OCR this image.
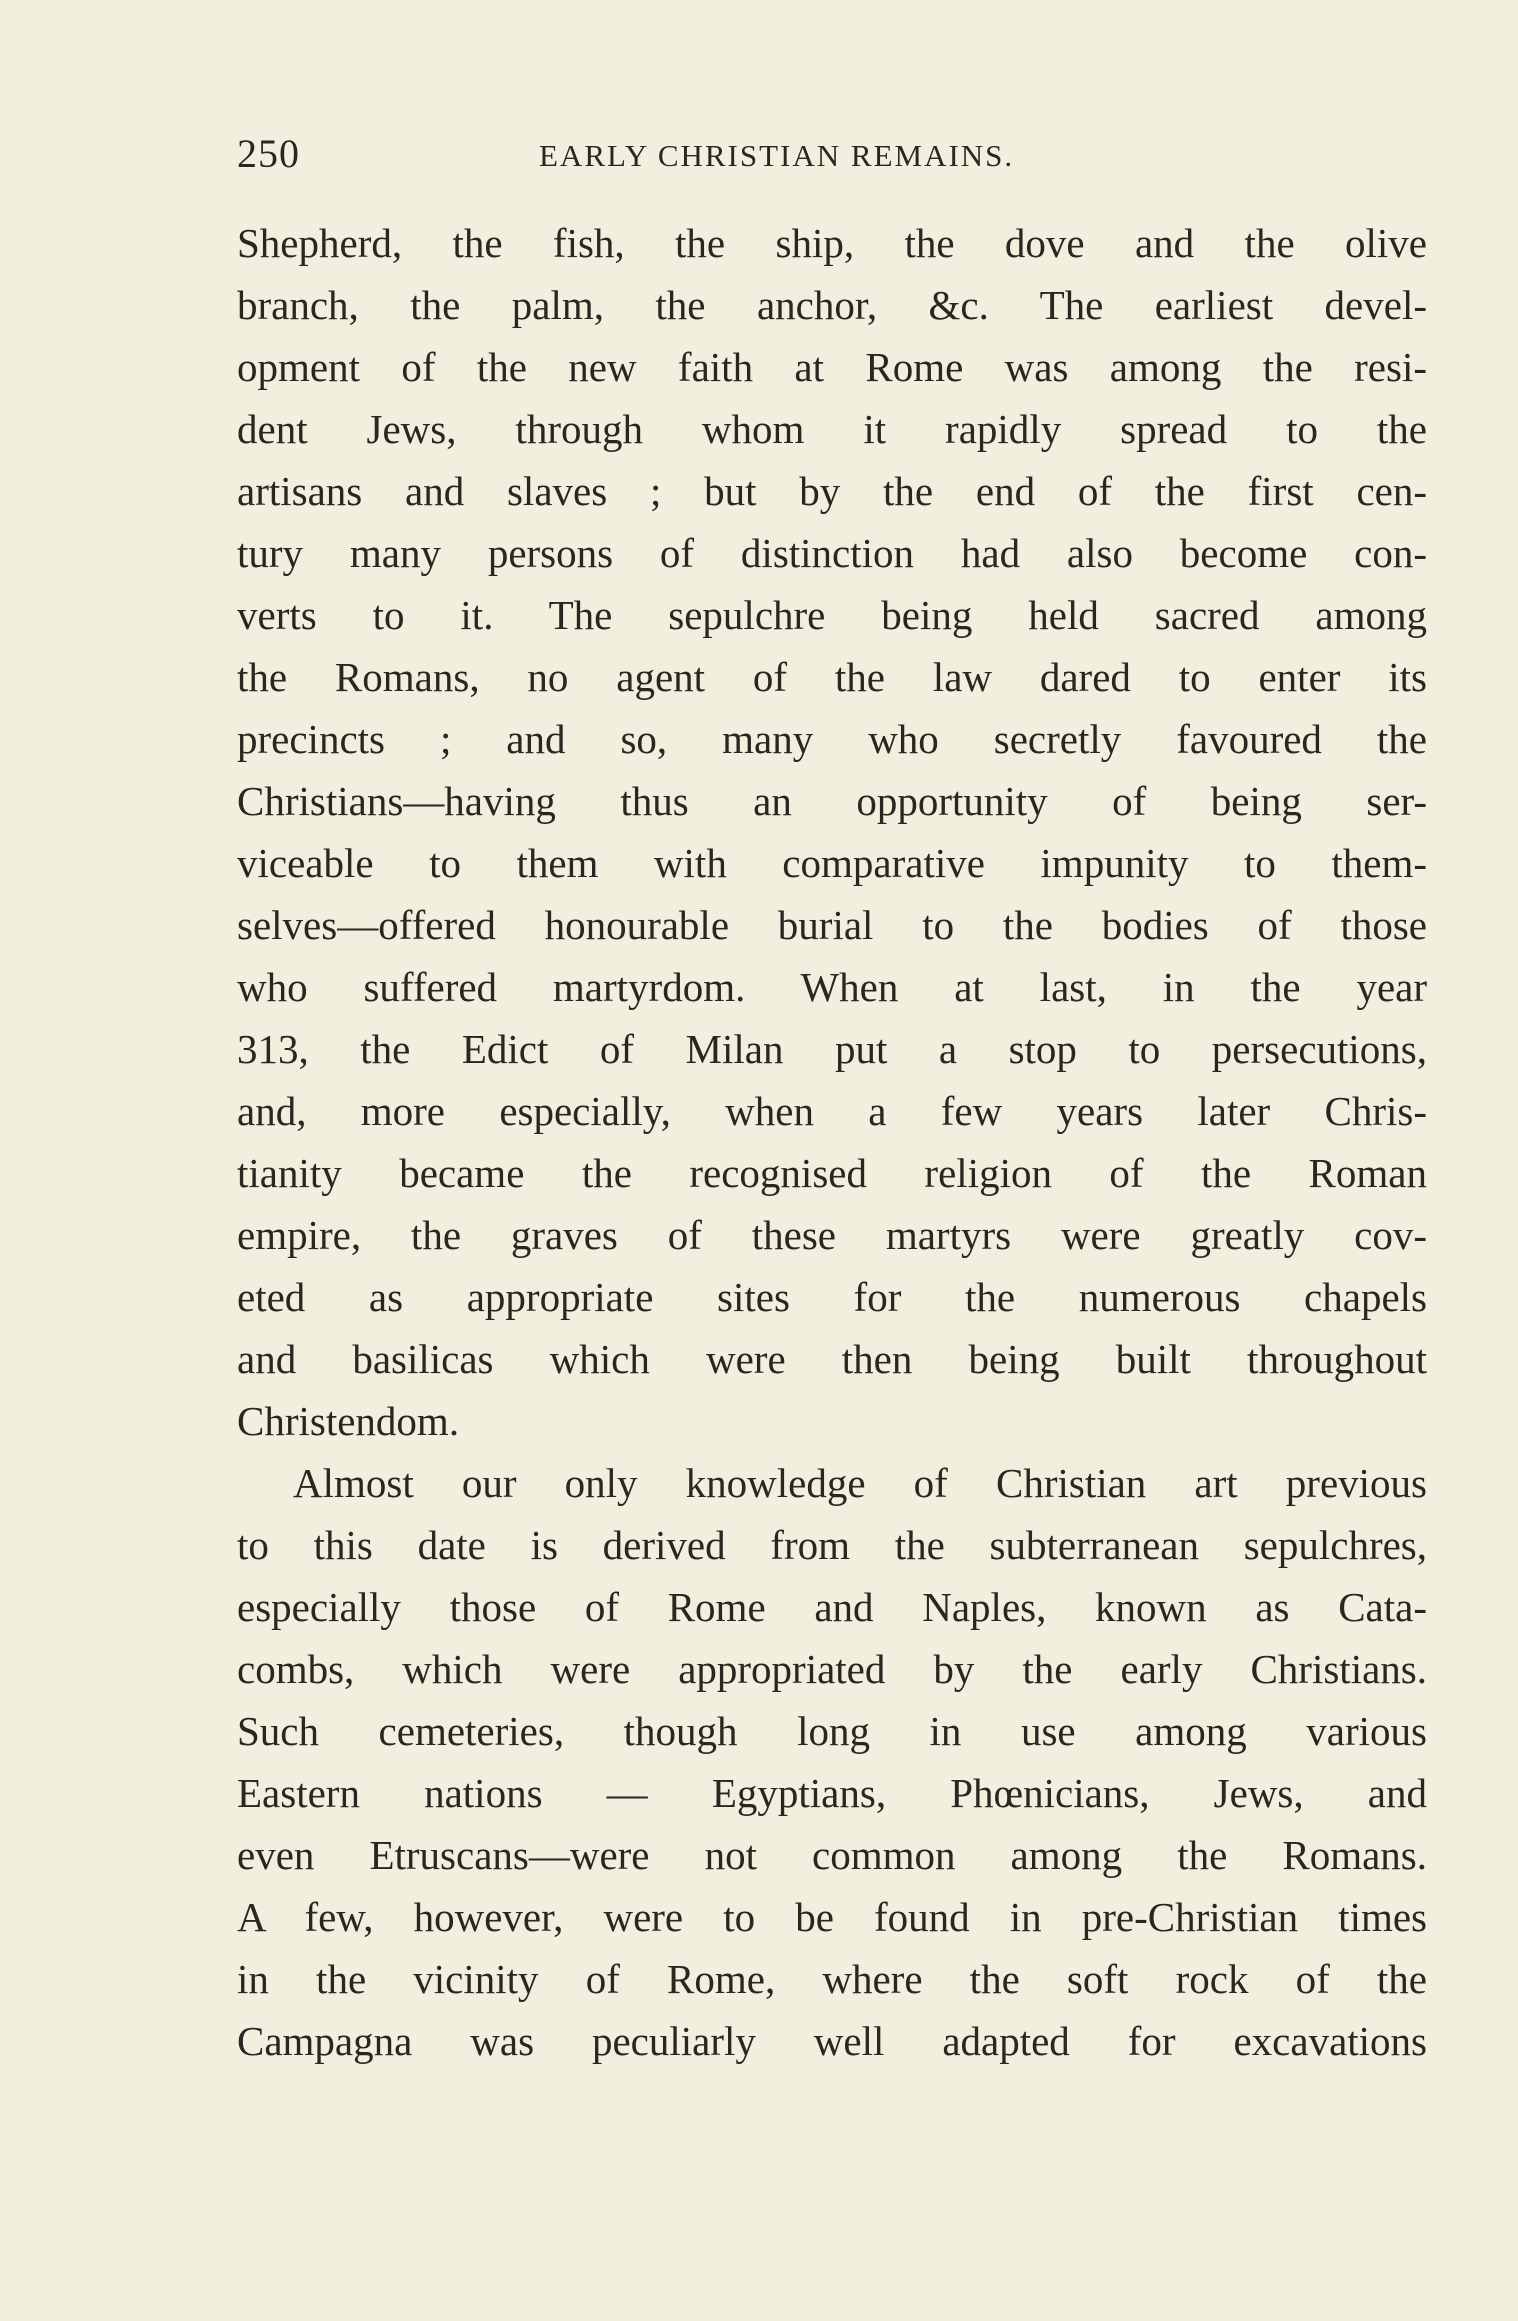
250	EARLY CHRISTIAN REMAINS.
Shepherd, the fish, the ship, the dove and the olive
branch, the palm, the anchor, &c. The earliest devel-
opment of the new faith at Rome was among the resi-
dent Jews, through whom it rapidly spread to the
artisans and slaves ; but by the end of the first cen-
tury many persons of distinction had also become con-
verts to it. The sepulchre being held sacred among
the Romans, no agent of the law dared to enter its
precincts ; and so, many who secretly favoured the
Christians—having thus an opportunity of being ser-
viceable to them with comparative impunity to them-
selves—offered honourable burial to the bodies of those
who suffered martyrdom. When at last, in the year
313, the Edict of Milan put a stop to persecutions,
and, more especially, when a few years later Chris-
tianity became the recognised religion of the Roman
empire, the graves of these martyrs were greatly cov-
eted as appropriate sites for the numerous chapels
and basilicas which were then being built throughout
Christendom.
Almost our only knowledge of Christian art previous
to this date is derived from the subterranean sepulchres,
especially those of Rome and Naples, known as Cata-
combs, which were appropriated by the early Christians.
Such cemeteries, though long in use among various
Eastern nations — Egyptians, Phœnicians, Jews, and
even Etruscans—were not common among the Romans.
A few, however, were to be found in pre-Christian times
in the vicinity of Rome, where the soft rock of the
Campagna was peculiarly well adapted for excavations
